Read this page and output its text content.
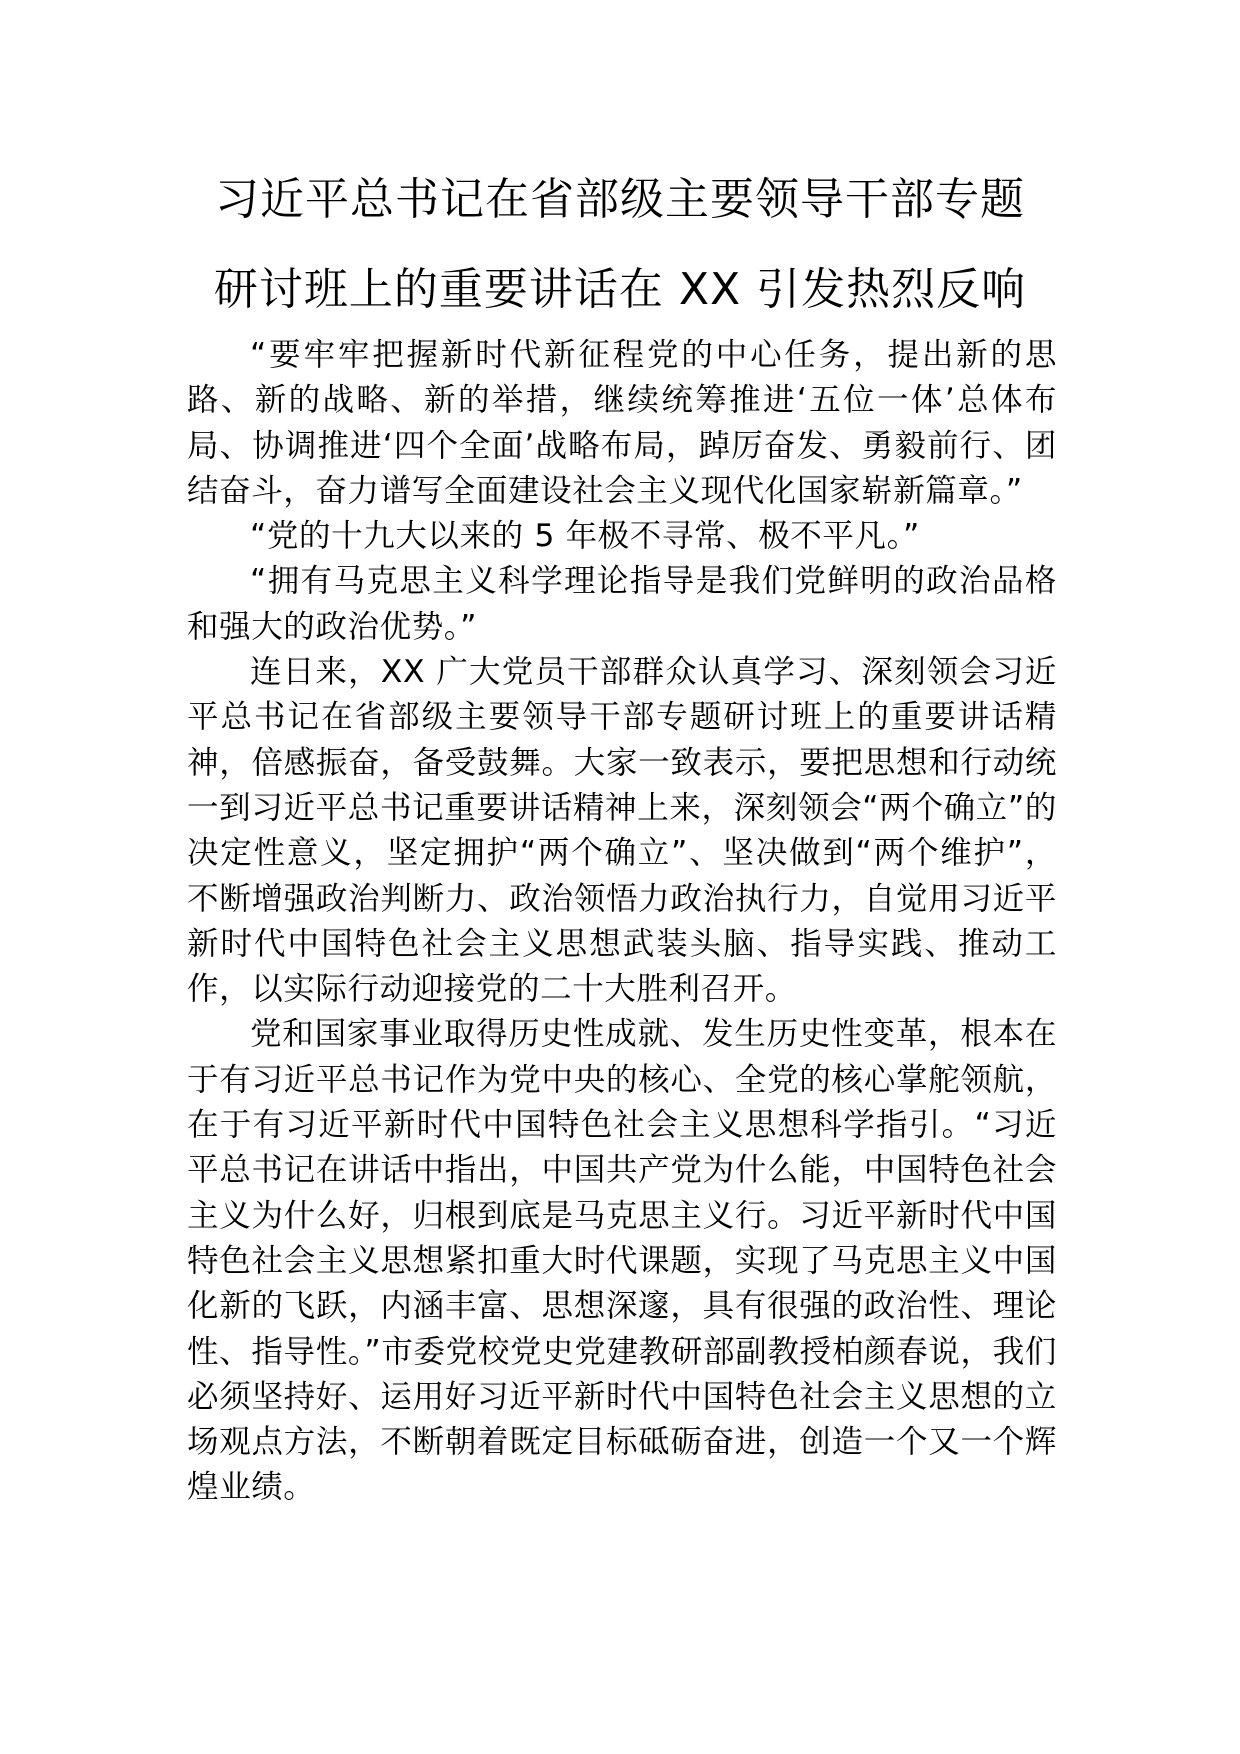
习近平总书记在省部级主要领导干部专题
研讨班上的重要讲话在 XX 引发热烈反响

“要牢牢把握新时代新征程党的中心任务，提出新的思路、新的战略、新的举措，继续统筹推进‘五位一体’总体布局、协调推进‘四个全面’战略布局，踔厉奋发、勇毅前行、团结奋斗，奋力谱写全面建设社会主义现代化国家崭新篇章。”

“党的十九大以来的 5 年极不寻常、极不平凡。”

“拥有马克思主义科学理论指导是我们党鲜明的政治品格和强大的政治优势。”

连日来，XX 广大党员干部群众认真学习、深刻领会习近平总书记在省部级主要领导干部专题研讨班上的重要讲话精神，倍感振奋，备受鼓舞。大家一致表示，要把思想和行动统一到习近平总书记重要讲话精神上来，深刻领会“两个确立”的决定性意义，坚定拥护“两个确立”、坚决做到“两个维护”，不断增强政治判断力、政治领悟力政治执行力，自觉用习近平新时代中国特色社会主义思想武装头脑、指导实践、推动工作，以实际行动迎接党的二十大胜利召开。

党和国家事业取得历史性成就、发生历史性变革，根本在于有习近平总书记作为党中央的核心、全党的核心掌舵领航，在于有习近平新时代中国特色社会主义思想科学指引。“习近平总书记在讲话中指出，中国共产党为什么能，中国特色社会主义为什么好，归根到底是马克思主义行。习近平新时代中国特色社会主义思想紧扣重大时代课题，实现了马克思主义中国化新的飞跃，内涵丰富、思想深邃，具有很强的政治性、理论性、指导性。”市委党校党史党建教研部副教授柏颜春说，我们必须坚持好、运用好习近平新时代中国特色社会主义思想的立场观点方法，不断朝着既定目标砥砺奋进，创造一个又一个辉煌业绩。
